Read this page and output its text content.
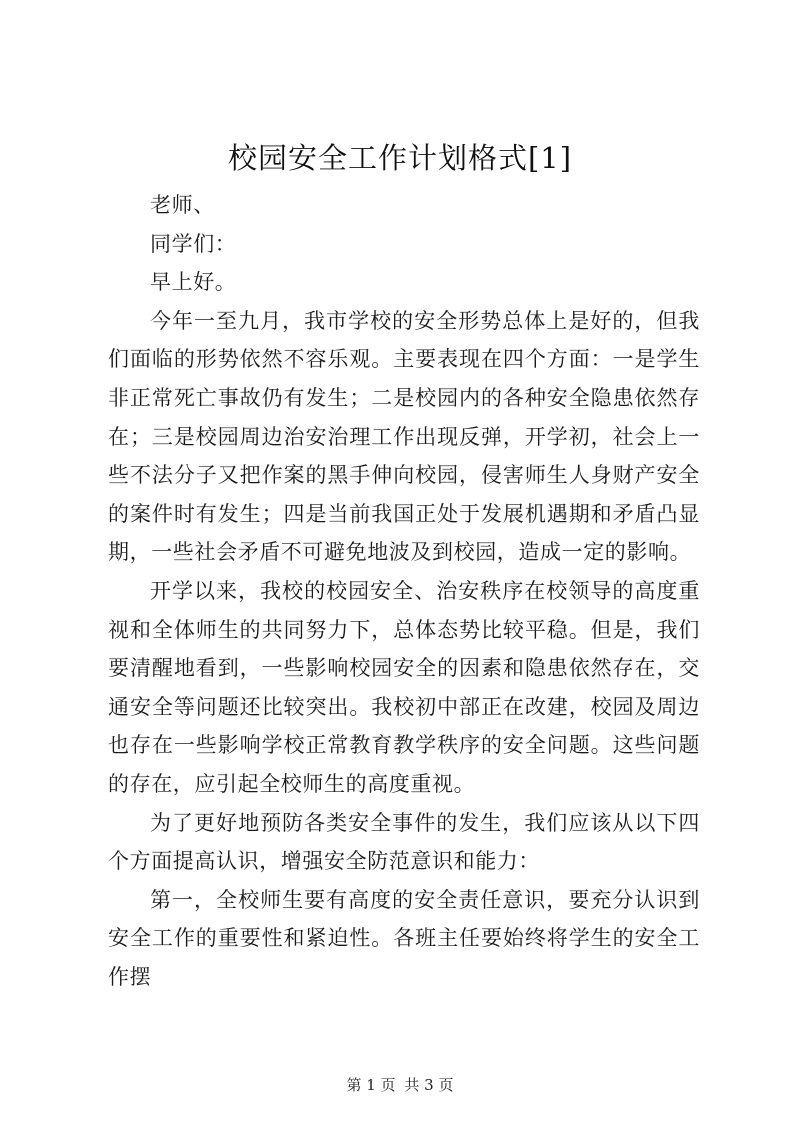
校园安全工作计划格式[1]

老师、

同学们：

早上好。

今年一至九月，我市学校的安全形势总体上是好的，但我们面临的形势依然不容乐观。主要表现在四个方面：一是学生非正常死亡事故仍有发生；二是校园内的各种安全隐患依然存在；三是校园周边治安治理工作出现反弹，开学初，社会上一些不法分子又把作案的黑手伸向校园，侵害师生人身财产安全的案件时有发生；四是当前我国正处于发展机遇期和矛盾凸显期，一些社会矛盾不可避免地波及到校园，造成一定的影响。

开学以来，我校的校园安全、治安秩序在校领导的高度重视和全体师生的共同努力下，总体态势比较平稳。但是，我们要清醒地看到，一些影响校园安全的因素和隐患依然存在，交通安全等问题还比较突出。我校初中部正在改建，校园及周边也存在一些影响学校正常教育教学秩序的安全问题。这些问题的存在，应引起全校师生的高度重视。

为了更好地预防各类安全事件的发生，我们应该从以下四个方面提高认识，增强安全防范意识和能力：

第一，全校师生要有高度的安全责任意识，要充分认识到安全工作的重要性和紧迫性。各班主任要始终将学生的安全工作摆

第 1 页 共 3 页
